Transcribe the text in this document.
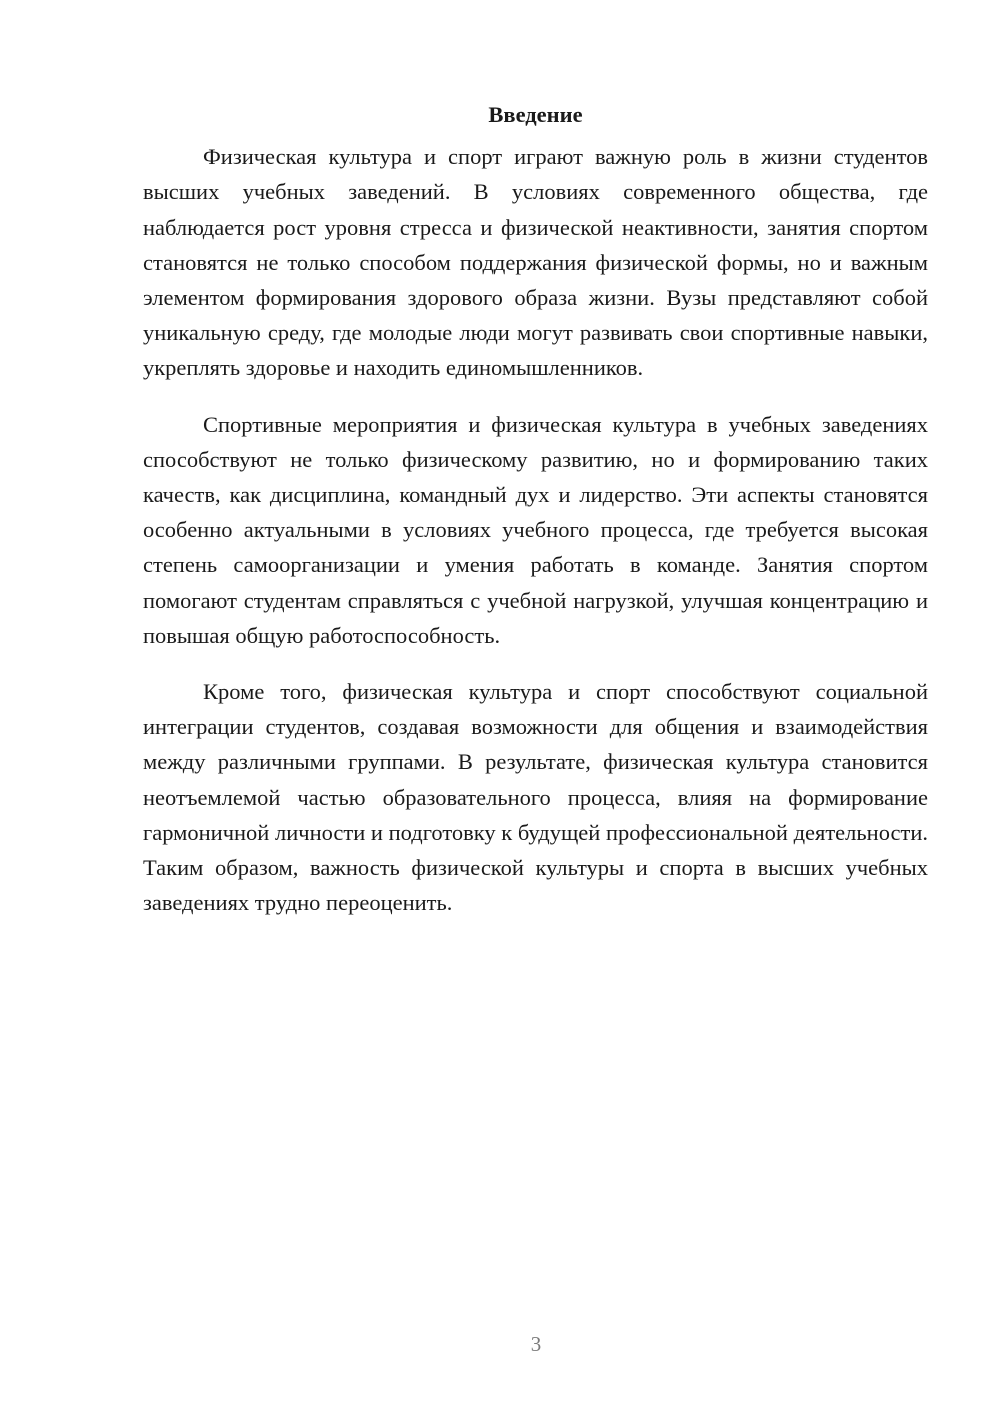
Введение

Физическая культура и спорт играют важную роль в жизни студентов высших учебных заведений. В условиях современного общества, где наблюдается рост уровня стресса и физической неактивности, занятия спортом становятся не только способом поддержания физической формы, но и важным элементом формирования здорового образа жизни. Вузы представляют собой уникальную среду, где молодые люди могут развивать свои спортивные навыки, укреплять здоровье и находить единомышленников.

Спортивные мероприятия и физическая культура в учебных заведениях способствуют не только физическому развитию, но и формированию таких качеств, как дисциплина, командный дух и лидерство. Эти аспекты становятся особенно актуальными в условиях учебного процесса, где требуется высокая степень самоорганизации и умения работать в команде. Занятия спортом помогают студентам справляться с учебной нагрузкой, улучшая концентрацию и повышая общую работоспособность.

Кроме того, физическая культура и спорт способствуют социальной интеграции студентов, создавая возможности для общения и взаимодействия между различными группами. В результате, физическая культура становится неотъемлемой частью образовательного процесса, влияя на формирование гармоничной личности и подготовку к будущей профессиональной деятельности. Таким образом, важность физической культуры и спорта в высших учебных заведениях трудно переоценить.

3
